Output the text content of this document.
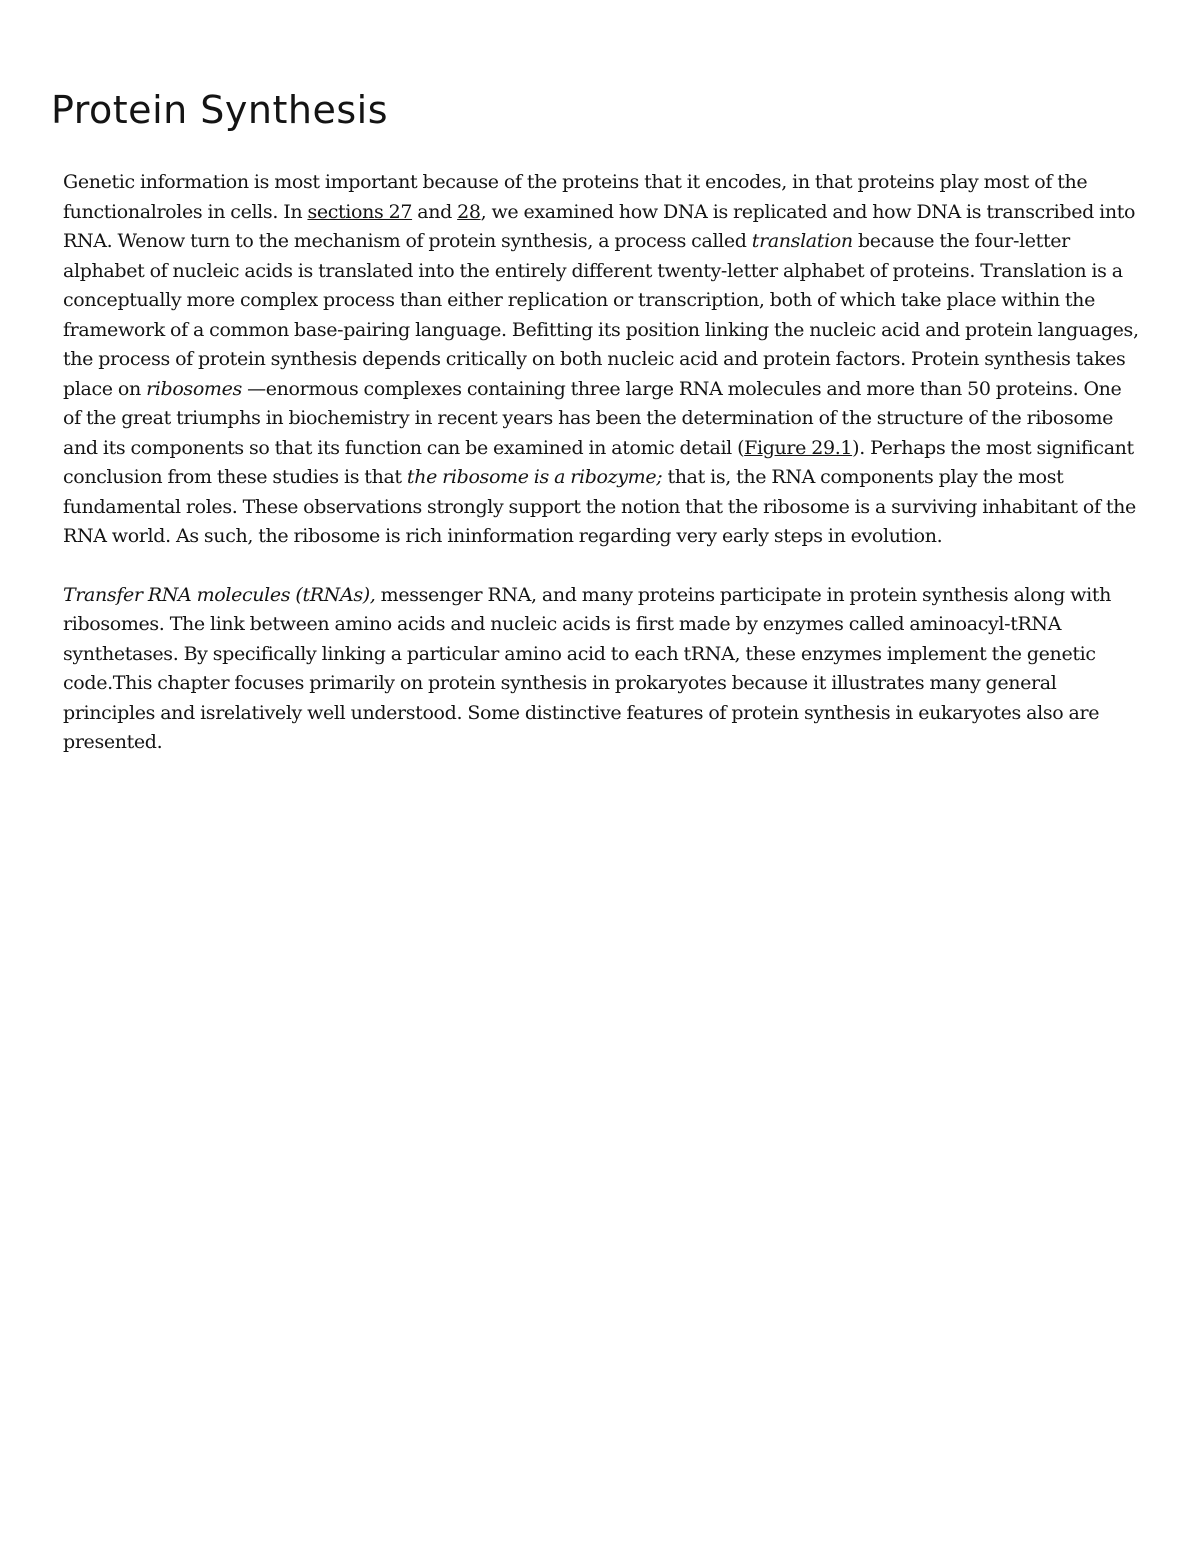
Protein Synthesis

Genetic information is most important because of the proteins that it encodes, in that proteins play most of the functionalroles in cells. In sections 27 and 28, we examined how DNA is replicated and how DNA is transcribed into RNA. Wenow turn to the mechanism of protein synthesis, a process called translation because the four-letter alphabet of nucleic acids is translated into the entirely different twenty-letter alphabet of proteins. Translation is a conceptually more complex process than either replication or transcription, both of which take place within the framework of a common base-pairing language. Befitting its position linking the nucleic acid and protein languages, the process of protein synthesis depends critically on both nucleic acid and protein factors. Protein synthesis takes place on ribosomes —enormous complexes containing three large RNA molecules and more than 50 proteins. One of the great triumphs in biochemistry in recent years has been the determination of the structure of the ribosome and its components so that its function can be examined in atomic detail (Figure 29.1). Perhaps the most significant conclusion from these studies is that the ribosome is a ribozyme; that is, the RNA components play the most fundamental roles. These observations strongly support the notion that the ribosome is a surviving inhabitant of the RNA world. As such, the ribosome is rich ininformation regarding very early steps in evolution.

Transfer RNA molecules (tRNAs), messenger RNA, and many proteins participate in protein synthesis along with ribosomes. The link between amino acids and nucleic acids is first made by enzymes called aminoacyl-tRNA synthetases. By specifically linking a particular amino acid to each tRNA, these enzymes implement the genetic code.This chapter focuses primarily on protein synthesis in prokaryotes because it illustrates many general principles and isrelatively well understood. Some distinctive features of protein synthesis in eukaryotes also are presented.
